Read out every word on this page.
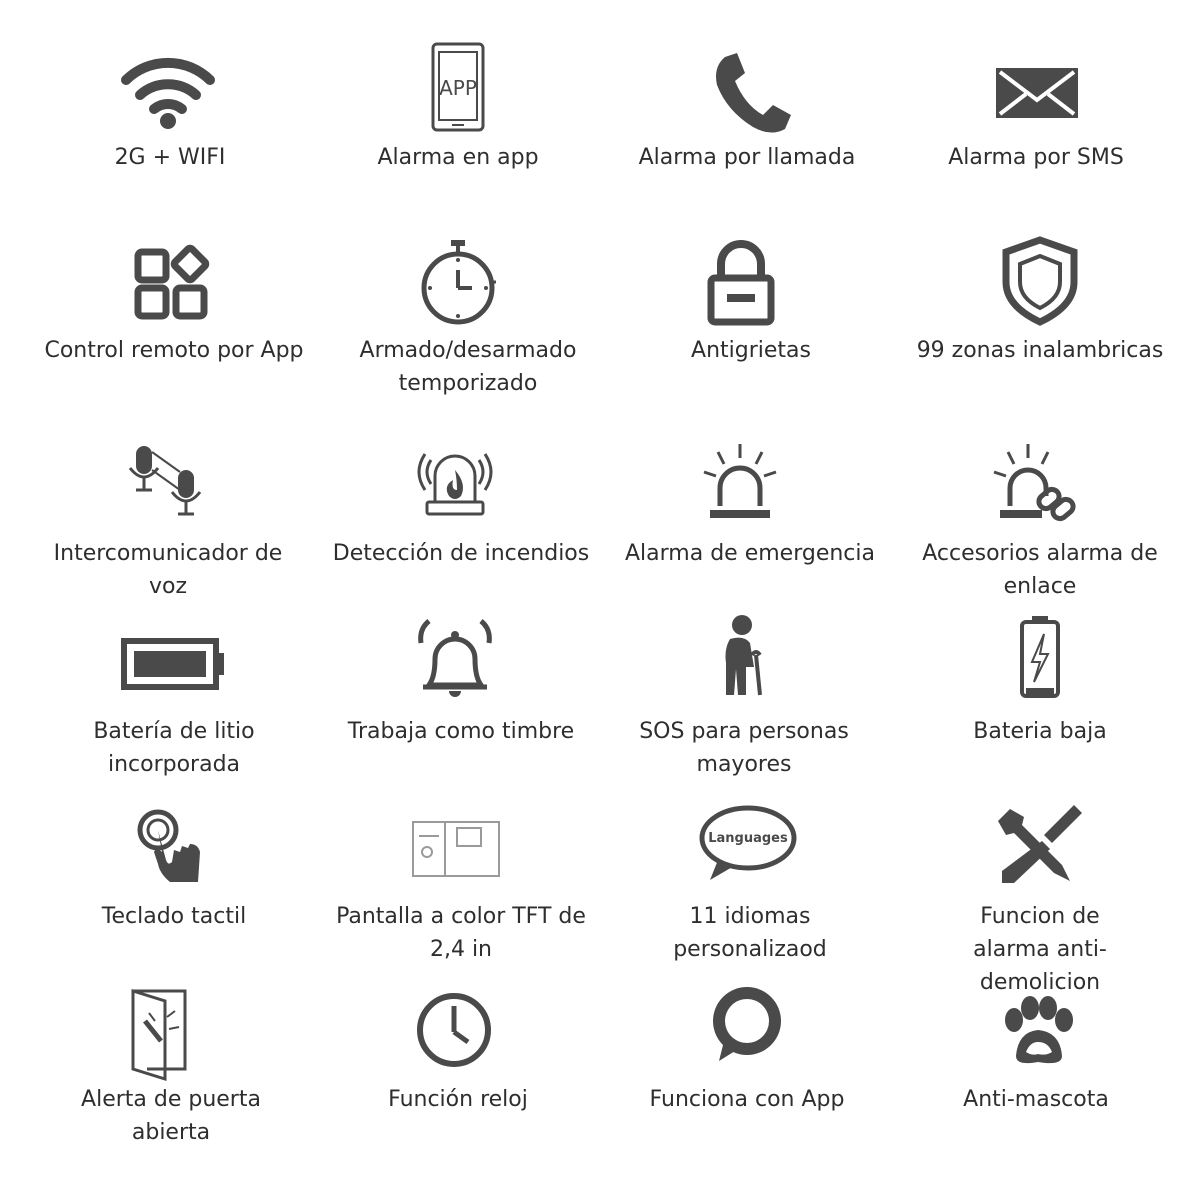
2G + WIFI
APP
Alarma en app	Alarma por llamada	Alarma por SMS
Control remoto por App	Armado/desarmado temporizado
Antigrietas	99 zonas inalambricas
Intercomunicador de voz
Detección de incendios Alarma de emergencia	Accesorios alarma de enlace
Batería de litio incorporada
Trabaja como timbre	SOS para personas mayores
Bateria baja
Teclado tactil	Pantalla a color TFT de 2,4 in
Languages
11 idiomas personalizaod
Funcion de alarma anti-demolicion
Alerta de puerta abierta
Función reloj	Funciona con App	Anti-mascota
